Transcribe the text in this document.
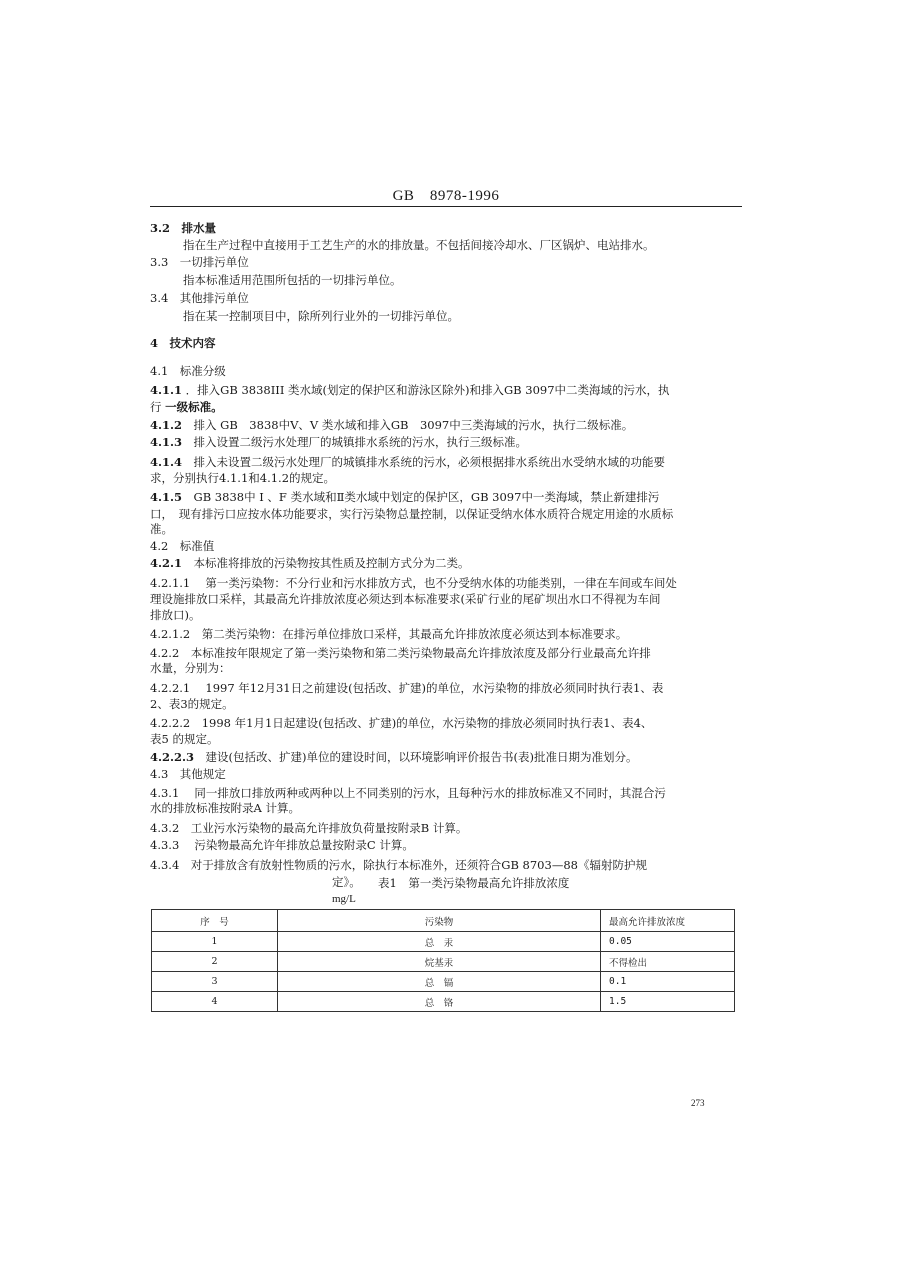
GB　8978-1996
3.2　 排水量
指在生产过程中直接用于工艺生产的水的排放量。不包括间接冷却水、厂区锅炉、电站排水。
3.3　一切排污单位
指本标准适用范围所包括的一切排污单位。
3.4　其他排污单位
指在某一控制项目中，除所列行业外的一切排污单位。
4　 技术内容
4.1　标准分级
4.1.1 ．排入GB 3838III 类水域(划定的保护区和游泳区除外)和排入GB 3097中二类海域的污水，执
行 一级标准。
4.1.2　 排入 GB　3838中V、V 类水域和排入GB　3097中三类海域的污水，执行二级标准。
4.1.3　 排入设置二级污水处理厂的城镇排水系统的污水，执行三级标准。
4.1.4　 排入未设置二级污水处理厂的城镇排水系统的污水，必须根据排水系统出水受纳水域的功能要
求，分别执行4.1.1和4.1.2的规定。
4.1.5　GB 3838中 I 、F 类水域和Ⅱ类水域中划定的保护区，GB 3097中一类海域，禁止新建排污
口，　现有排污口应按水体功能要求，实行污染物总量控制，以保证受纳水体水质符合规定用途的水质标
准。
4.2　标准值
4.2.1　 本标准将排放的污染物按其性质及控制方式分为二类。
4.2.1.1　 第一类污染物：不分行业和污水排放方式，也不分受纳水体的功能类别，一律在车间或车间处
理设施排放口采样，其最高允许排放浓度必须达到本标准要求(采矿行业的尾矿坝出水口不得视为车间
排放口)。
4.2.1.2　第二类污染物：在排污单位排放口采样，其最高允许排放浓度必须达到本标准要求。
4.2.2　本标准按年限规定了第一类污染物和第二类污染物最高允许排放浓度及部分行业最高允许排
水量，分别为：
4.2.2.1　 1997 年12月31日之前建设(包括改、扩建)的单位，水污染物的排放必须同时执行表1、表
2、表3的规定。
4.2.2.2　1998 年1月1日起建设(包括改、扩建)的单位，水污染物的排放必须同时执行表1、表4、
表5 的规定。
4.2.2.3　 建设(包括改、扩建)单位的建设时间，以环境影响评价报告书(表)批准日期为准划分。
4.3　其他规定
4.3.1　 同一排放口排放两种或两种以上不同类别的污水，且每种污水的排放标准又不同时，其混合污
水的排放标准按附录A 计算。
4.3.2　工业污水污染物的最高允许排放负荷量按附录B 计算。
4.3.3　 污染物最高允许年排放总量按附录C 计算。
4.3.4　对于排放含有放射性物质的污水，除执行本标准外，还须符合GB 8703—88《辐射防护规
定》。 表1　第一类污染物最高允许排放浓度
mg/L
序　号	污染物	最高允许排放浓度
1	总　汞	0.05
2	烷基汞	不得检出
3	总　镉	0.1
4	总　铬	1.5
273
